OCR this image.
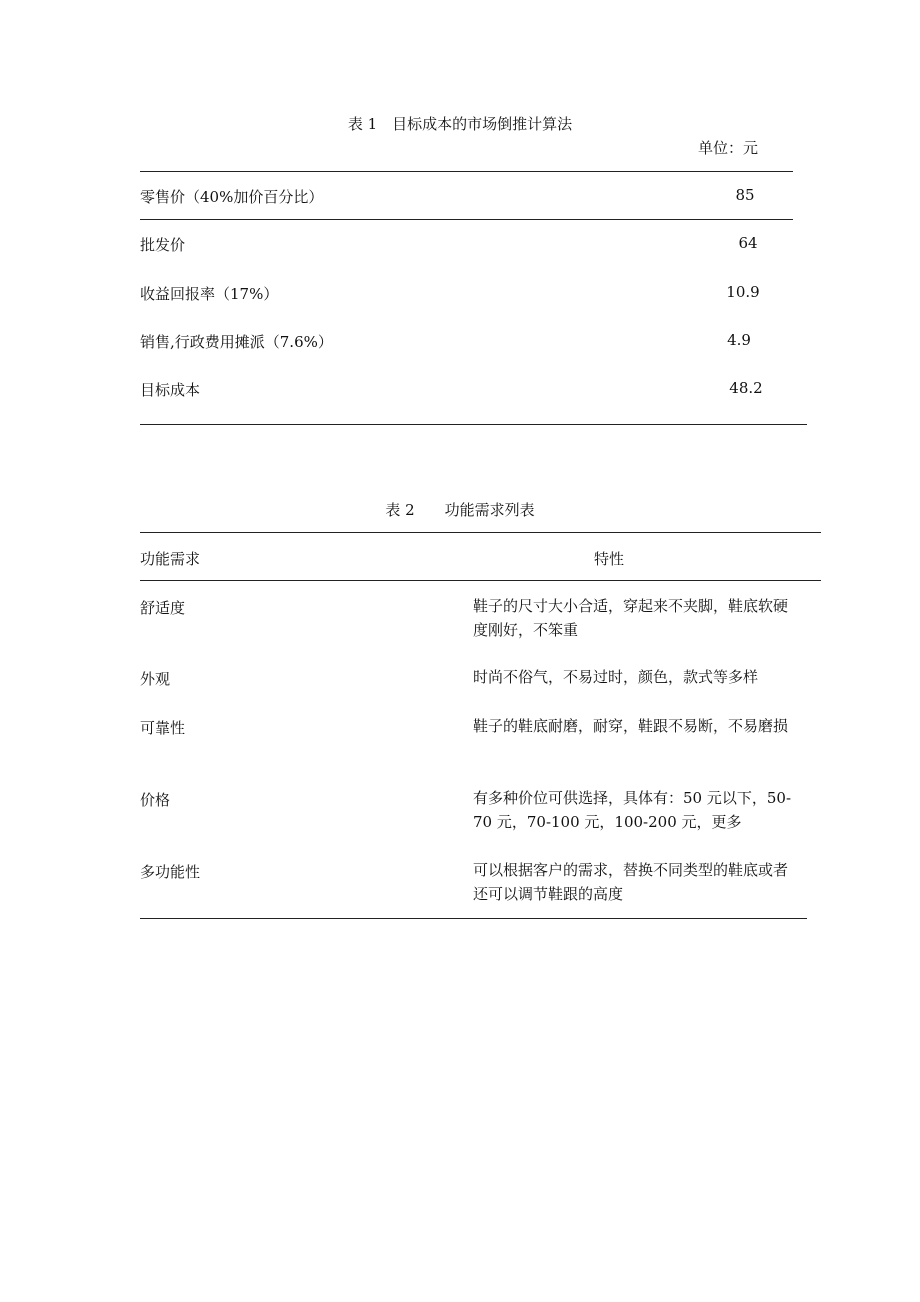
表 1　目标成本的市场倒推计算法
单位：元
零售价（40%加价百分比）	85
批发价	64
收益回报率（17%）	10.9
销售,行政费用摊派（7.6%）	4.9
目标成本	48.2
表 2　　功能需求列表
功能需求	特性
舒适度	鞋子的尺寸大小合适，穿起来不夹脚，鞋底软硬度刚好，不笨重
外观	时尚不俗气，不易过时，颜色，款式等多样
可靠性	鞋子的鞋底耐磨，耐穿，鞋跟不易断，不易磨损
价格	有多种价位可供选择，具体有：50 元以下，50-70 元，70-100 元，100-200 元，更多
多功能性	可以根据客户的需求，替换不同类型的鞋底或者还可以调节鞋跟的高度
